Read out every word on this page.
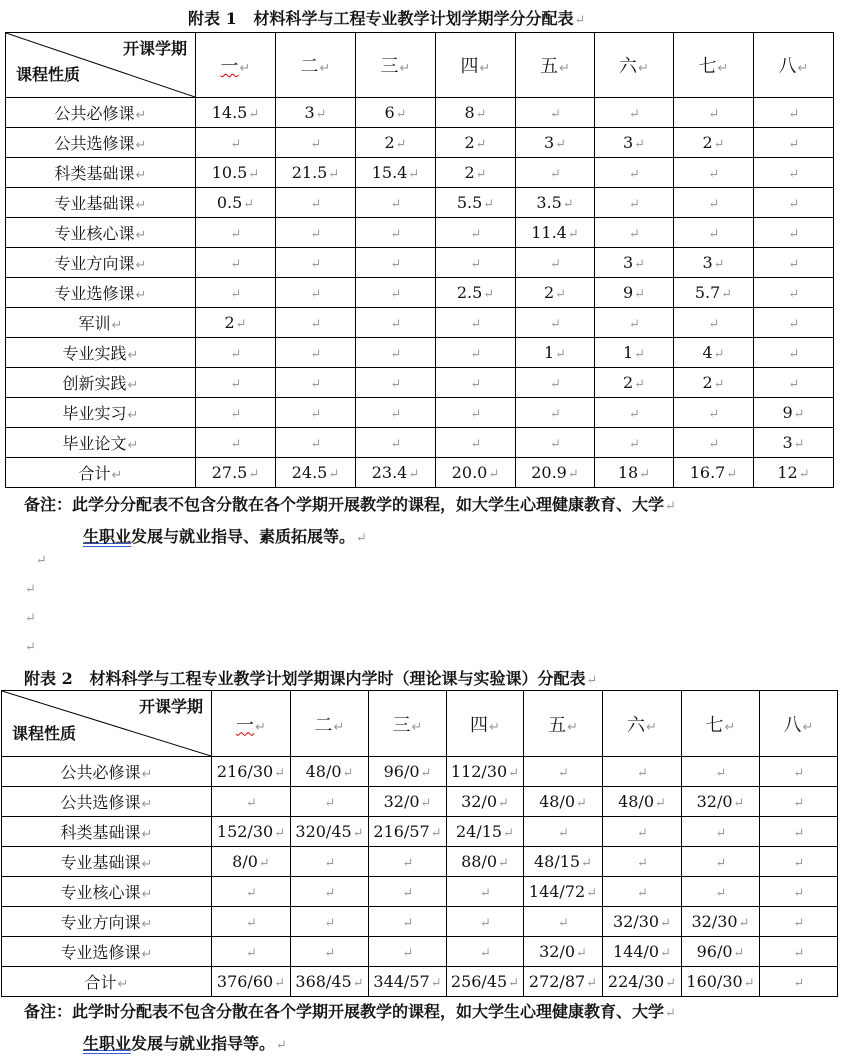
附表 1 材料科学与工程专业教学计划学期学分分配表 ↵
开课学期
课程性质	一 ↵	二 ↵	三 ↵	四 ↵	五 ↵	六 ↵	七 ↵	八 ↵
公共必修课 ↵	14.5 ↵	3 ↵	6 ↵	8 ↵	↵	↵	↵	↵
公共选修课 ↵	↵	↵	2 ↵	2 ↵	3 ↵	3 ↵	2 ↵	↵
科类基础课 ↵	10.5 ↵	21.5 ↵	15.4 ↵	2 ↵	↵	↵	↵	↵
专业基础课 ↵	0.5 ↵	↵	↵	5.5 ↵	3.5 ↵	↵	↵	↵
专业核心课 ↵	↵	↵	↵	↵	11.4 ↵	↵	↵	↵
专业方向课 ↵	↵	↵	↵	↵	↵	3 ↵	3 ↵	↵
专业选修课 ↵	↵	↵	↵	2.5 ↵	2 ↵	9 ↵	5.7 ↵	↵
军训 ↵	2 ↵	↵	↵	↵	↵	↵	↵	↵
专业实践 ↵	↵	↵	↵	↵	1 ↵	1 ↵	4 ↵	↵
创新实践 ↵	↵	↵	↵	↵	↵	2 ↵	2 ↵	↵
毕业实习 ↵	↵	↵	↵	↵	↵	↵	↵	9 ↵
毕业论文 ↵	↵	↵	↵	↵	↵	↵	↵	3 ↵
合计 ↵	27.5 ↵	24.5 ↵	23.4 ↵	20.0 ↵	20.9 ↵	18 ↵	16.7 ↵	12 ↵
备注：此学分分配表不包含分散在各个学期开展教学的课程，如大学生心理健康教育、大学 ↵
生职业发展与就业指导、素质拓展等。 ↵
↵
↵
↵
↵
附表 2 材料科学与工程专业教学计划学期课内学时（理论课与实验课）分配表 ↵
开课学期
课程性质	一 ↵	二 ↵	三 ↵	四 ↵	五 ↵	六 ↵	七 ↵	八 ↵
公共必修课 ↵	216/30 ↵	48/0 ↵	96/0 ↵	112/30 ↵	↵	↵	↵	↵
公共选修课 ↵	↵	↵	32/0 ↵	32/0 ↵	48/0 ↵	48/0 ↵	32/0 ↵	↵
科类基础课 ↵	152/30 ↵	320/45 ↵	216/57 ↵	24/15 ↵	↵	↵	↵	↵
专业基础课 ↵	8/0 ↵	↵	↵	88/0 ↵	48/15 ↵	↵	↵	↵
专业核心课 ↵	↵	↵	↵	↵	144/72 ↵	↵	↵	↵
专业方向课 ↵	↵	↵	↵	↵	↵	32/30 ↵	32/30 ↵	↵
专业选修课 ↵	↵	↵	↵	↵	32/0 ↵	144/0 ↵	96/0 ↵	↵
合计 ↵	376/60 ↵	368/45 ↵	344/57 ↵	256/45 ↵	272/87 ↵	224/30 ↵	160/30 ↵	↵
备注：此学时分配表不包含分散在各个学期开展教学的课程，如大学生心理健康教育、大学 ↵
生职业发展与就业指导等。 ↵
